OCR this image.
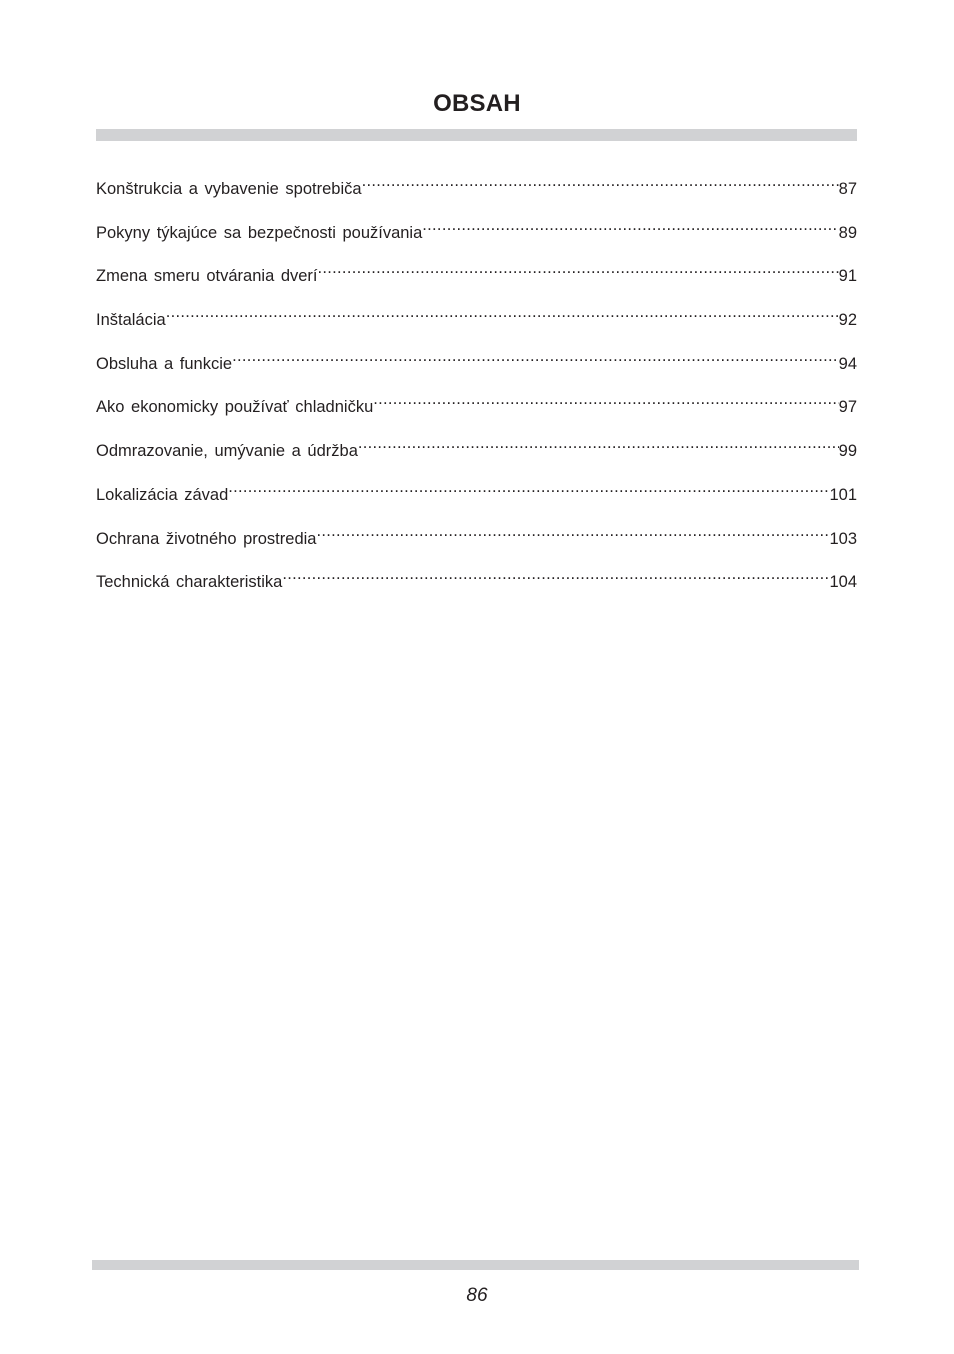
OBSAH
Konštrukcia a vybavenie spotrebiča .....	87
Pokyny týkajúce sa bezpečnosti používania .....	89
Zmena smeru otvárania dverí .....	91
Inštalácia .....	92
Obsluha a funkcie .....	94
Ako ekonomicky používať chladničku .....	97
Odmrazovanie, umývanie a údržba .....	99
Lokalizácia závad .....	101
Ochrana životného prostredia .....	103
Technická charakteristika .....	104
86
